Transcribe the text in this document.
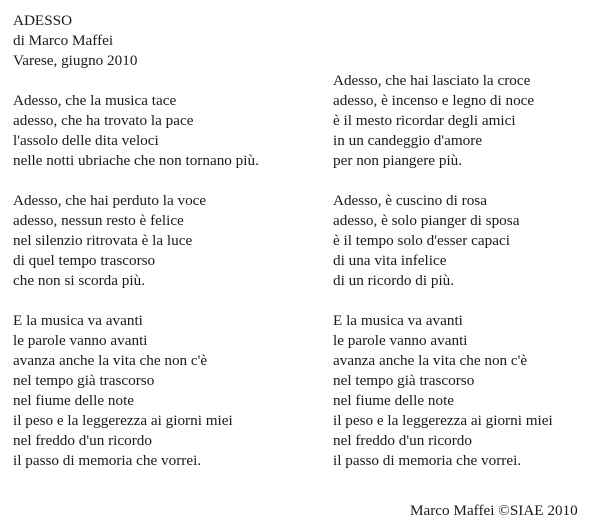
ADESSO
di Marco Maffei
Varese, giugno 2010
Adesso, che la musica tace
adesso, che ha trovato la pace
l'assolo delle dita veloci
nelle notti ubriache che non tornano più.
Adesso, che hai perduto la voce
adesso, nessun resto è felice
nel silenzio ritrovata è la luce
di quel tempo trascorso
che non si scorda più.
E la musica va avanti
le parole vanno avanti
avanza anche la vita che non c'è
nel tempo già trascorso
nel fiume delle note
il peso e la leggerezza ai giorni miei
nel freddo d'un ricordo
il passo di memoria che vorrei.
Adesso, che hai lasciato la croce
adesso, è incenso e legno di noce
è il mesto ricordar degli amici
in un candeggio d'amore
per non piangere più.
Adesso, è cuscino di rosa
adesso, è solo pianger di sposa
è il tempo solo d'esser capaci
di una vita infelice
di un ricordo di più.
E la musica va avanti
le parole vanno avanti
avanza anche la vita che non c'è
nel tempo già trascorso
nel fiume delle note
il peso e la leggerezza ai giorni miei
nel freddo d'un ricordo
il passo di memoria che vorrei.
Marco Maffei ©SIAE 2010
